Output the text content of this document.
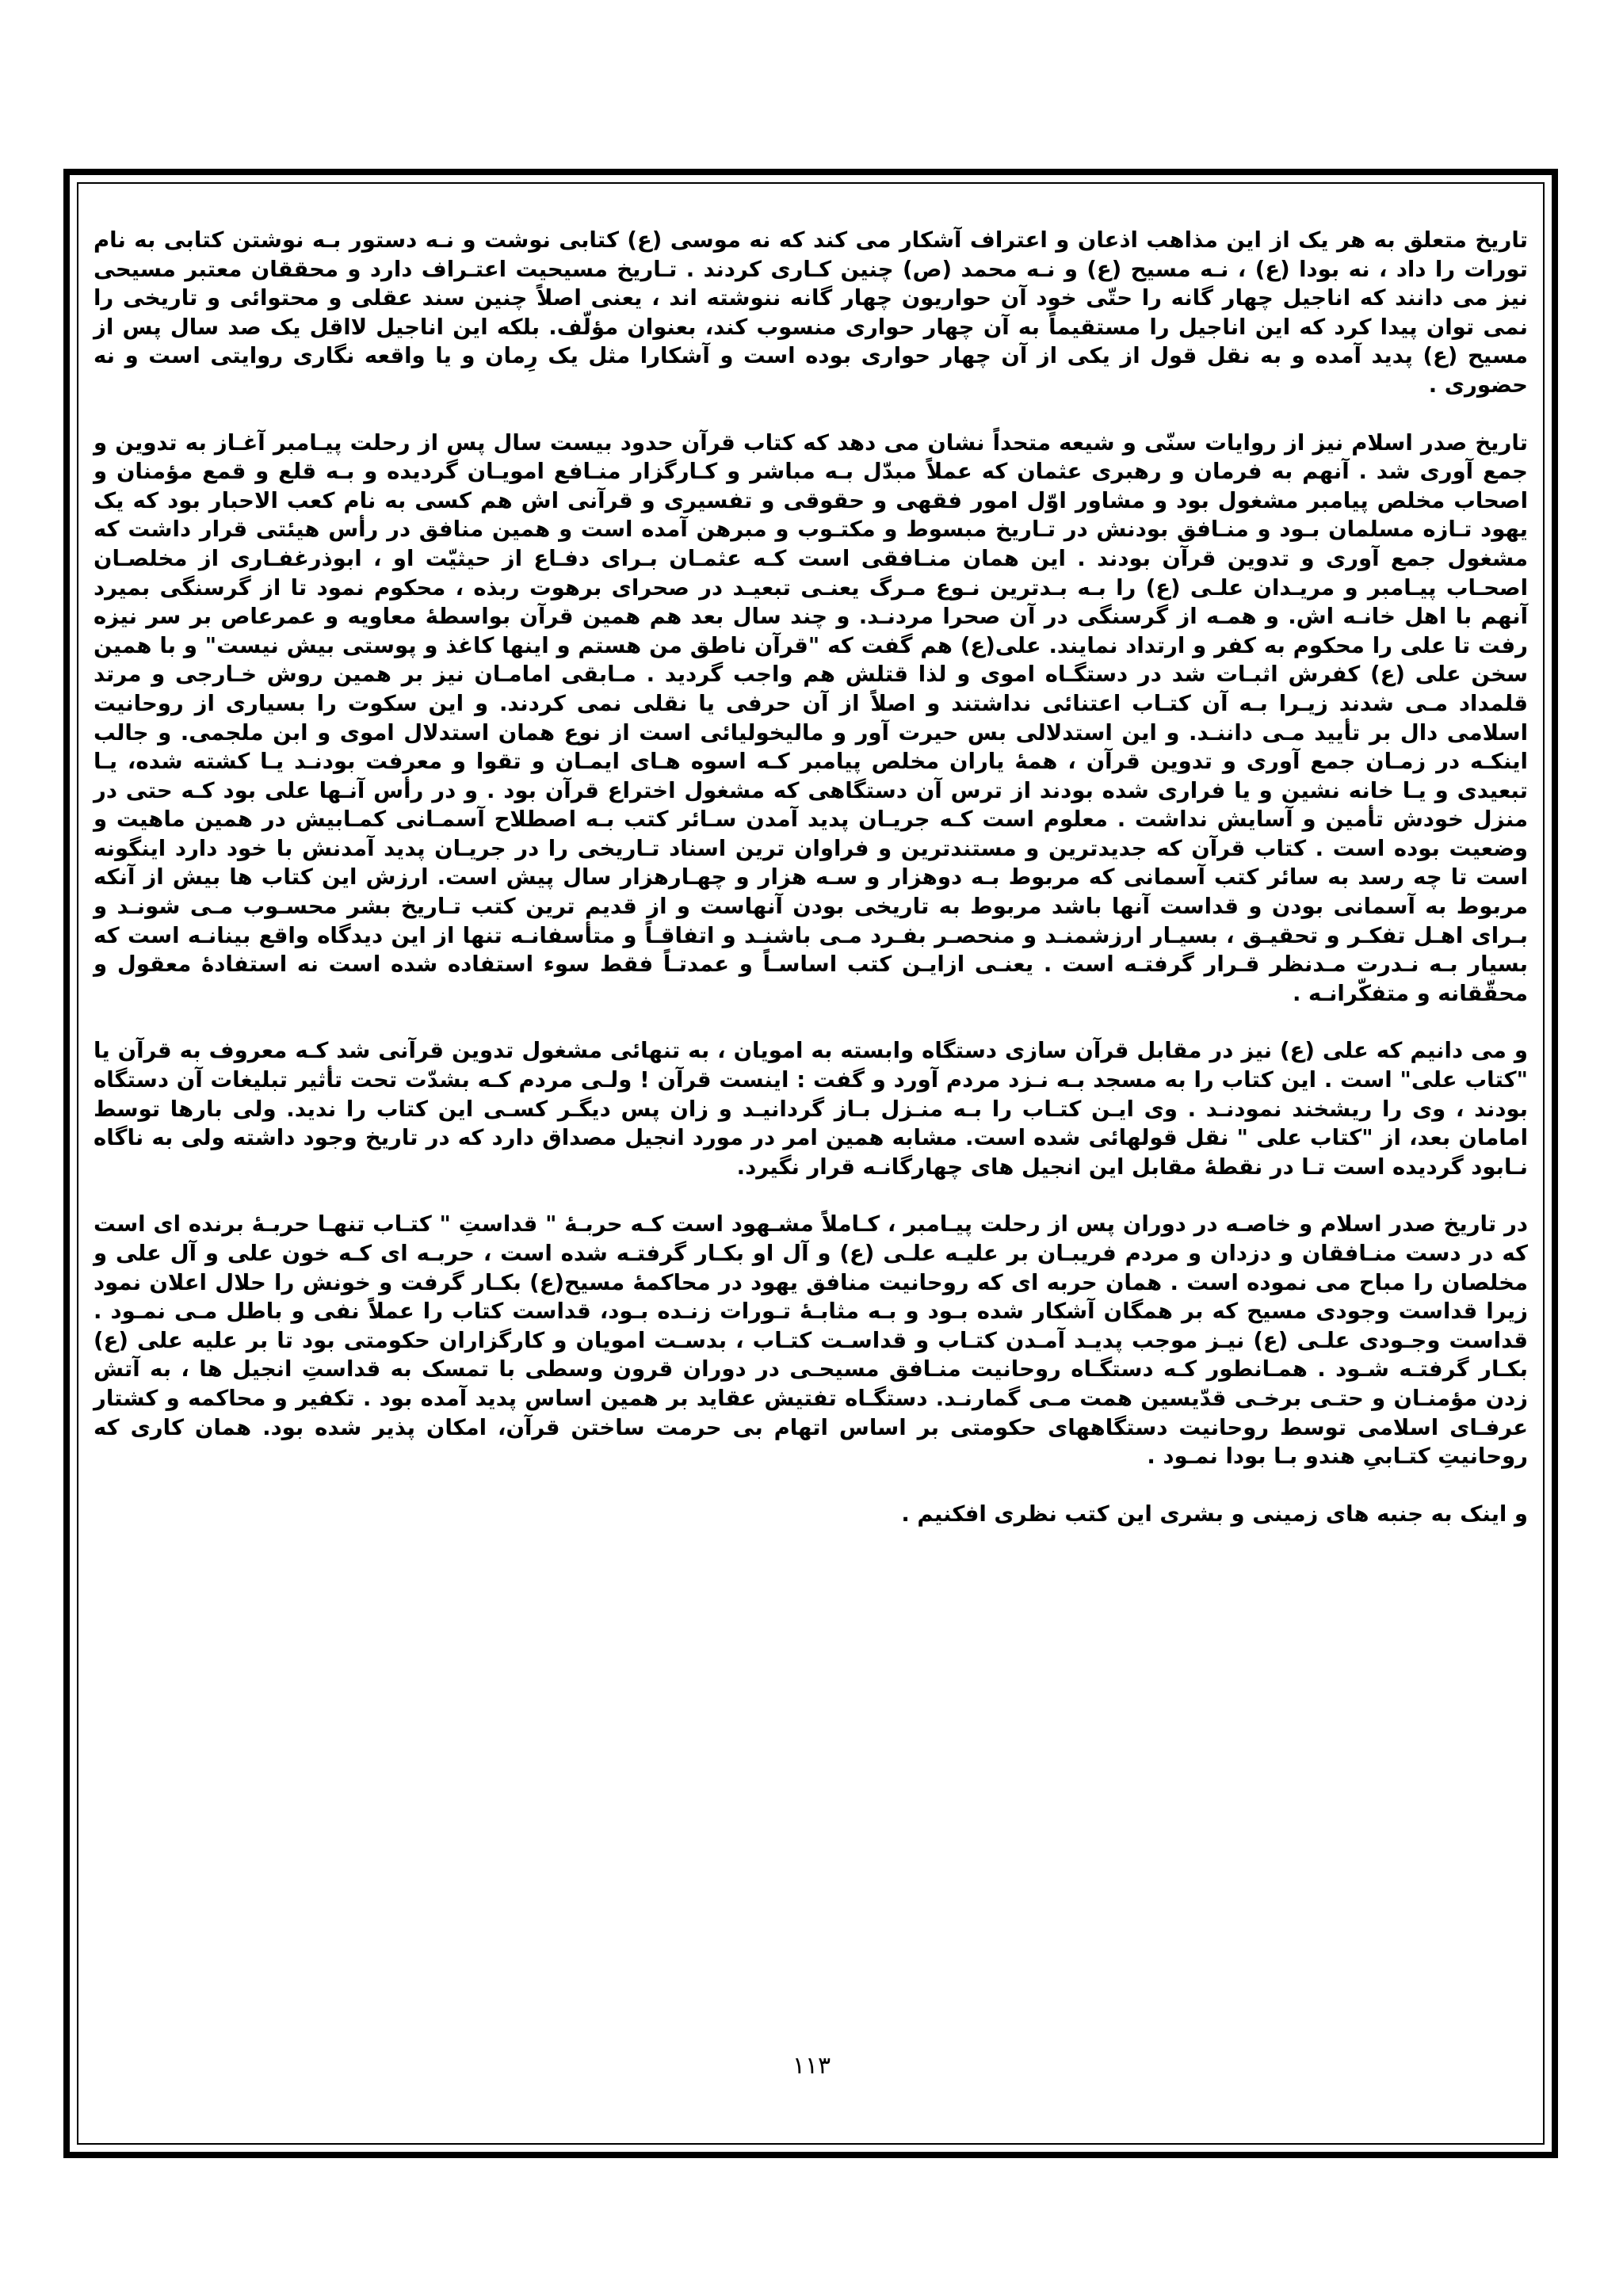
تاریخ متعلق به هر یک از این مذاهب اذعان و اعتراف آشکار می کند که نه موسی (ع) کتابی نوشت و نـه دستور بـه نوشتن کتابی به نام تورات را داد ، نه بودا (ع) ، نـه مسیح (ع) و نـه محمد (ص) چنین کـاری کردند . تـاریخ مسیحیت اعتـراف دارد و محققان معتبر مسیحی نیز می دانند که اناجیل چهار گانه را حتّی خود آن حواریون چهار گانه ننوشته اند ، یعنی اصلاً چنین سند عقلی و محتوائی و تاریخی را نمی توان پیدا کرد که این اناجیل را مستقیماً به آن چهار حواری منسوب کند، بعنوان مؤلّف. بلکه این اناجیل لااقل یک صد سال پس از مسیح (ع) پدید آمده و به نقل قول از یکی از آن چهار حواری بوده است و آشکارا مثل یک رِمان و یا واقعه نگاری روایتی است و نه حضوری .

تاریخ صدر اسلام نیز از روایات سنّی و شیعه متحداً نشان می دهد که کتاب قرآن حدود بیست سال پس از رحلت پیـامبر آغـاز به تدوین و جمع آوری شد . آنهم به فرمان و رهبری عثمان که عملاً مبدّل بـه مباشر و کـارگزار منـافع امویـان گردیده و بـه قلع و قمع مؤمنان و اصحاب مخلص پیامبر مشغول بود و مشاور اوّل امور فقهی و حقوقی و تفسیری و قرآنی اش هم کسی به نام کعب الاحبار بود که یک یهود تـازه مسلمان بـود و منـافق بودنش در تـاریخ مبسوط و مکتـوب و مبرهن آمده است و همین منافق در رأس هیئتی قرار داشت که مشغول جمع آوری و تدوین قرآن بودند . این همان منـافقی است کـه عثمـان بـرای دفـاع از حیثیّت او ، ابوذرغفـاری از مخلصـان اصحـاب پیـامبر و مریـدان علـی (ع) را بـه بـدترین نـوع مـرگ یعنـی تبعیـد در صحرای برهوت ربذه ، محکوم نمود تا از گرسنگی بمیرد آنهم با اهل خانـه اش. و همـه از گرسنگی در آن صحرا مردنـد. و چند سال بعد هم همین قرآن بواسطهٔ معاویه و عمرعاص بر سر نیزه رفت تا علی را محکوم به کفر و ارتداد نمایند. علی(ع) هم گفت که "قرآن ناطق من هستم و اینها کاغذ و پوستی بیش نیست" و با همین سخن علی (ع) کفرش اثبـات شد در دستگـاه اموی و لذا قتلش هم واجب گردید . مـابقی امامـان نیز بر همین روش خـارجی و مرتد قلمداد مـی شدند زیـرا بـه آن کتـاب اعتنائی نداشتند و اصلاً از آن حرفی یا نقلی نمی کردند. و این سکوت را بسیاری از روحانیت اسلامی دال بر تأیید مـی داننـد. و این استدلالی بس حیرت آور و مالیخولیائی است از نوع همان استدلال اموی و ابن ملجمی. و جالب اینکـه در زمـان جمع آوری و تدوین قرآن ، همهٔ یاران مخلص پیامبر کـه اسوه هـای ایمـان و تقوا و معرفت بودنـد یـا کشته شده، یـا تبعیدی و یـا خانه نشین و یا فراری شده بودند از ترس آن دستگاهی که مشغول اختراع قرآن بود . و در رأس آنـها علی بود کـه حتی در منزل خودش تأمین و آسایش نداشت . معلوم است کـه جریـان پدید آمدن سـائر کتب بـه اصطلاح آسمـانی کمـابیش در همین ماهیت و وضعیت بوده است . کتاب قرآن که جدیدترین و مستندترین و فراوان ترین اسناد تـاریخی را در جریـان پدید آمدنش با خود دارد اینگونه است تا چه رسد به سائر کتب آسمانی که مربوط بـه دوهزار و سـه هزار و چهـارهزار سال پیش است. ارزش این کتاب ها بیش از آنکه مربوط به آسمانی بودن و قداست آنها باشد مربوط به تاریخی بودن آنهاست و از قدیم ترین کتب تـاریخ بشر محسـوب مـی شونـد و بـرای اهـل تفکـر و تحقیـق ، بسیـار ارزشمنـد و منحصـر بفـرد مـی باشنـد و اتفاقـاً و متأسفانـه تنها از این دیدگاه واقع بینانـه است که بسیار بـه نـدرت مـدنظر قـرار گرفتـه است . یعنـی ازایـن کتب اساسـاً و عمدتـاً فقط سوء استفاده شده است نه استفادهٔ معقول و محقّقانه و متفکّرانـه .

و می دانیم که علی (ع) نیز در مقابل قرآن سازی دستگاه وابسته به امویان ، به تنهائی مشغول تدوین قرآنی شد کـه معروف به قرآن یا "کتاب علی" است . این کتاب را به مسجد بـه نـزد مردم آورد و گفت : اینست قرآن ! ولـی مردم کـه بشدّت تحت تأثیر تبلیغات آن دستگاه بودند ، وی را ریشخند نمودنـد . وی ایـن کتـاب را بـه منـزل بـاز گردانیـد و زان پس دیگـر کسـی این کتاب را ندید. ولی بارها توسط امامان بعد، از "کتاب علی " نقل قولهائی شده است. مشابه همین امر در مورد انجیل مصداق دارد که در تاریخ وجود داشته ولی به ناگاه نـابود گردیده است تـا در نقطهٔ مقابل این انجیل های چهارگانـه قرار نگیرد.

در تاریخ صدر اسلام و خاصـه در دوران پس از رحلت پیـامبر ، کـاملاً مشـهود است کـه حربـهٔ " قداستِ " کتـاب تنهـا حربـهٔ برنده ای است که در دست منـافقان و دزدان و مردم فریبـان بر علیـه علـی (ع) و آل او بکـار گرفتـه شده است ، حربـه ای کـه خون علی و آل علی و مخلصان را مباح می نموده است . همان حربه ای که روحانیت منافق یهود در محاکمهٔ مسیح(ع) بکـار گرفت و خونش را حلال اعلان نمود زیرا قداست وجودی مسیح که بر همگان آشکار شده بـود و بـه مثابـهٔ تـورات زنـده بـود، قداست کتاب را عملاً نفی و باطل مـی نمـود . قداست وجـودی علـی (ع) نیـز موجب پدیـد آمـدن کتـاب و قداسـت کتـاب ، بدسـت امویان و کارگزاران حکومتی بود تا بر علیه علی (ع) بکـار گرفتـه شـود . همـانطور کـه دستگـاه روحانیت منـافق مسیحـی در دوران قرون وسطی با تمسک به قداستِ انجیل ها ، به آتش زدن مؤمنـان و حتـی برخـی قدّیسین همت مـی گمارنـد. دستگـاه تفتیش عقاید بر همین اساس پدید آمده بود . تکفیر و محاکمه و کشتار عرفـای اسلامی توسط روحانیت دستگاههای حکومتی بر اساس اتهام بی حرمت ساختن قرآن، امکان پذیر شده بود. همان کاری که روحانیتِ کتـابیِ هندو بـا بودا نمـود .

و اینک به جنبه های زمینی و بشری این کتب نظری افکنیم .

۱۱۳
